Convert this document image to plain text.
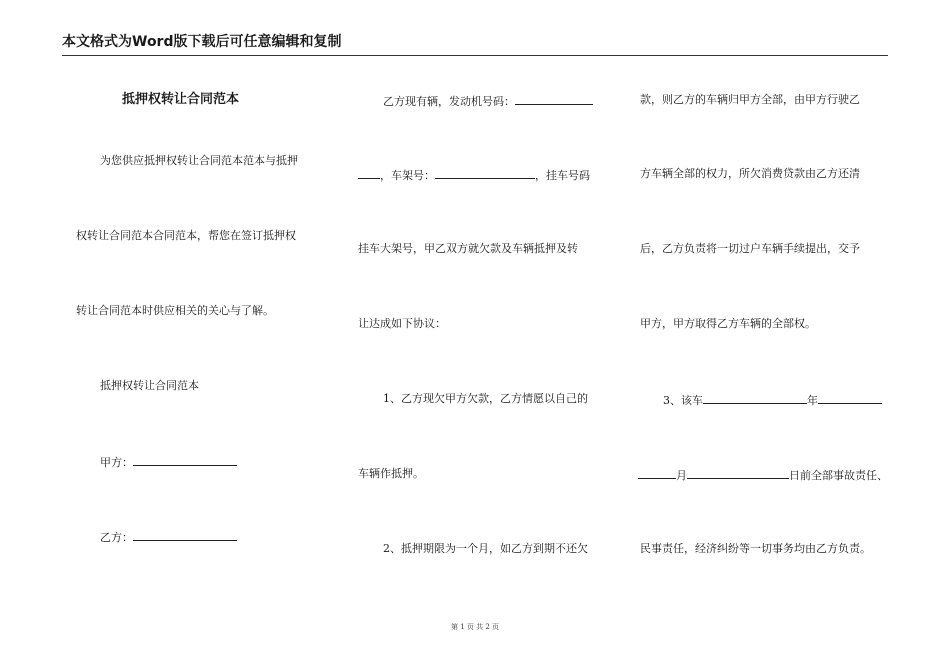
本文格式为Word版下载后可任意编辑和复制
抵押权转让合同范本
为您供应抵押权转让合同范本范本与抵押
权转让合同范本合同范本，帮您在签订抵押权
转让合同范本时供应相关的关心与了解。
抵押权转让合同范本
甲方：
乙方：
乙方现有辆，发动机号码：
，车架号：	，挂车号码
挂车大架号，甲乙双方就欠款及车辆抵押及转
让达成如下协议：
1、乙方现欠甲方欠款，乙方情愿以自己的
车辆作抵押。
2、抵押期限为一个月，如乙方到期不还欠
款，则乙方的车辆归甲方全部，由甲方行驶乙
方车辆全部的权力，所欠消费贷款由乙方还清
后，乙方负责将一切过户车辆手续提出，交予
甲方，甲方取得乙方车辆的全部权。
3、该车	年
月	日前全部事故责任、
民事责任，经济纠纷等一切事务均由乙方负责。
第 1 页 共 2 页
